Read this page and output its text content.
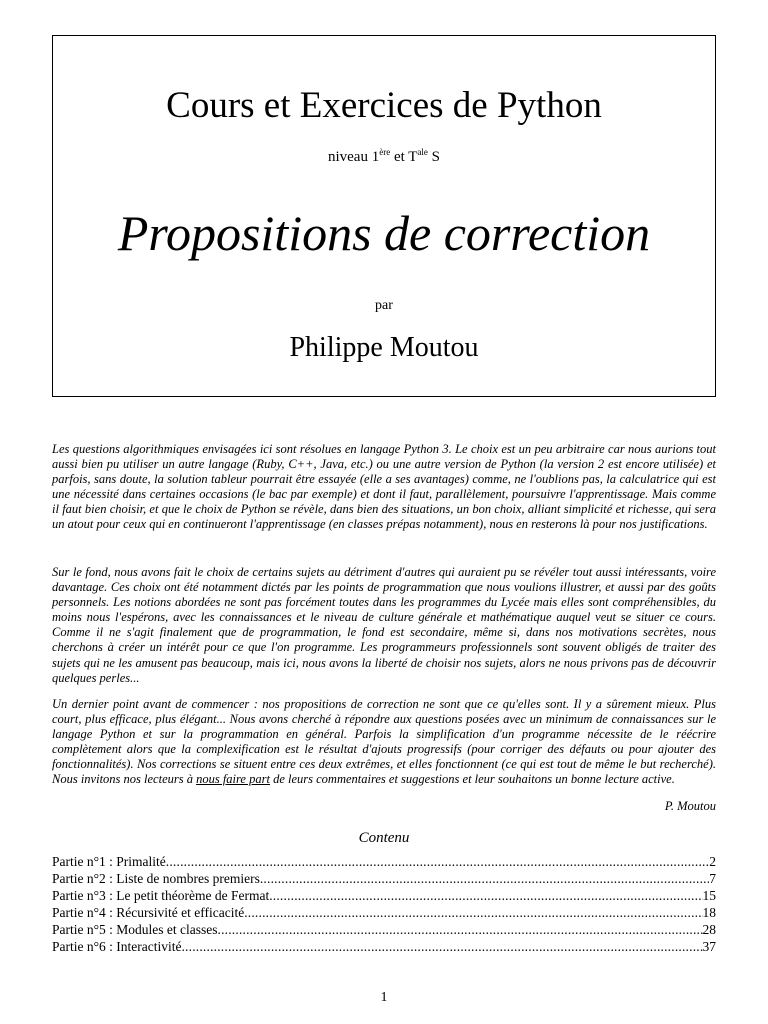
Cours et Exercices de Python
niveau 1ère et $T^{ale}$ S
Propositions de correction
par
Philippe Moutou

Les questions algorithmiques envisagées ici sont résolues en langage Python 3. Le choix est un peu arbitraire car nous aurions tout aussi bien pu utiliser un autre langage (Ruby, C++, Java, etc.) ou une autre version de Python (la version 2 est encore utilisée) et parfois, sans doute, la solution tableur pourrait être essayée (elle a ses avantages) comme, ne l'oublions pas, la calculatrice qui est une nécessité dans certaines occasions (le bac par exemple) et dont il faut, parallèlement, poursuivre l'apprentissage. Mais comme il faut bien choisir, et que le choix de Python se révèle, dans bien des situations, un bon choix, alliant simplicité et richesse, qui sera un atout pour ceux qui en continueront l'apprentissage (en classes prépas notamment), nous en resterons là pour nos justifications.

Sur le fond, nous avons fait le choix de certains sujets au détriment d'autres qui auraient pu se révéler tout aussi intéressants, voire davantage. Ces choix ont été notamment dictés par les points de programmation que nous voulions illustrer, et aussi par des goûts personnels. Les notions abordées ne sont pas forcément toutes dans les programmes du Lycée mais elles sont compréhensibles, du moins nous l'espérons, avec les connaissances et le niveau de culture générale et mathématique auquel veut se situer ce cours. Comme il ne s'agit finalement que de programmation, le fond est secondaire, même si, dans nos motivations secrètes, nous cherchons à créer un intérêt pour ce que l'on programme. Les programmeurs professionnels sont souvent obligés de traiter des sujets qui ne les amusent pas beaucoup, mais ici, nous avons la liberté de choisir nos sujets, alors ne nous privons pas de découvrir quelques perles...

Un dernier point avant de commencer : nos propositions de correction ne sont que ce qu'elles sont. Il y a sûrement mieux. Plus court, plus efficace, plus élégant... Nous avons cherché à répondre aux questions posées avec un minimum de connaissances sur le langage Python et sur la programmation en général. Parfois la simplification d'un programme nécessite de le réécrire complètement alors que la complexification est le résultat d'ajouts progressifs (pour corriger des défauts ou pour ajouter des fonctionnalités). Nos corrections se situent entre ces deux extrêmes, et elles fonctionnent (ce qui est tout de même le but recherché). Nous invitons nos lecteurs à nous faire part de leurs commentaires et suggestions et leur souhaitons un bonne lecture active.

P. Moutou
Contenu
Partie n°1 : Primalité .....	2
Partie n°2 : Liste de nombres premiers .....	7
Partie n°3 : Le petit théorème de Fermat .....	15
Partie n°4 : Récursivité et efficacité .....	18
Partie n°5 : Modules et classes .....	28
Partie n°6 : Interactivité .....	37
1
